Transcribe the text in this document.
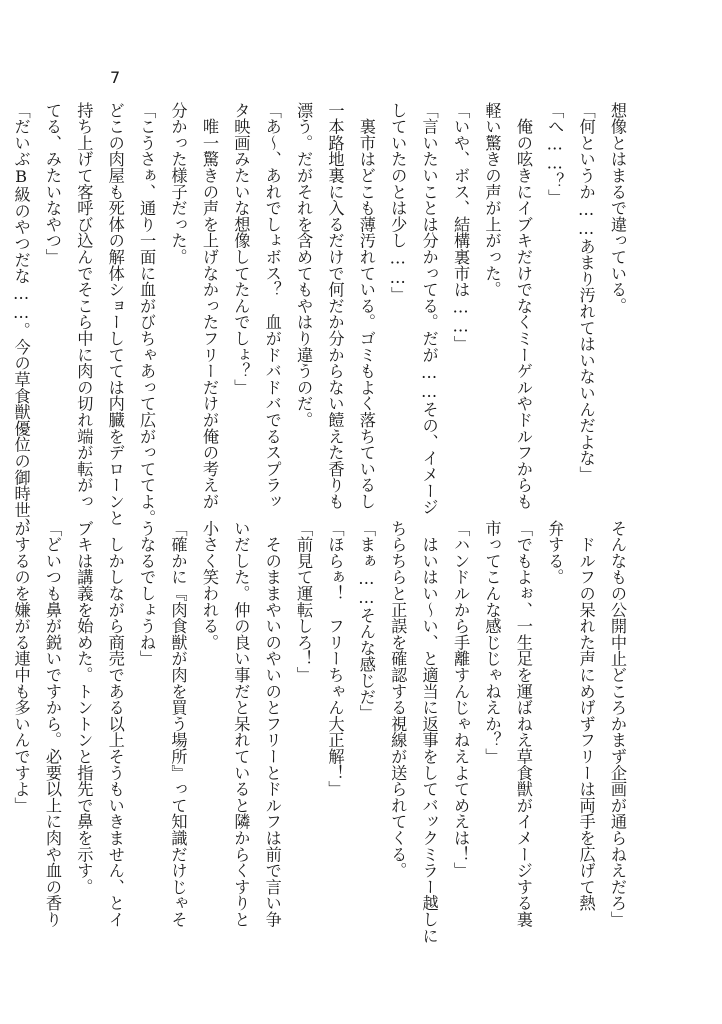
7
想像とはまるで違っている。
「何というか……あまり汚れてはいないんだよな」
「へ……？」
　俺の呟きにイブキだけでなくミーゲルやドルフからも
軽い驚きの声が上がった。
「いや、ボス、結構裏市は……」
「言いたいことは分かってる。だが……その、イメージ
していたのとは少し……」
　裏市はどこも薄汚れている。ゴミもよく落ちているし
一本路地裏に入るだけで何だか分からない饐えた香りも
漂う。だがそれを含めてもやはり違うのだ。
「あ〜、あれでしょボス？　血がドバドバでるスプラッ
タ映画みたいな想像してたんでしょ？」
　唯一驚きの声を上げなかったフリーだけが俺の考えが
分かった様子だった。
「こうさぁ、通り一面に血がびちゃあって広がっててよ。
どこの肉屋も死体の解体ショーしてては内臓をデローンと
持ち上げて客呼び込んでそこら中に肉の切れ端が転がっ
てる、みたいなやつ」
「だいぶB級のやつだな……。今の草食獣優位の御時世、
そんなもの公開中止どころかまず企画が通らねえだろ」
　ドルフの呆れた声にめげずフリーは両手を広げて熱
弁する。
「でもよぉ、一生足を運ばねえ草食獣がイメージする裏
市ってこんな感じじゃねえか？」
「ハンドルから手離すんじゃねえよてめえは！」
　はいはい〜い、と適当に返事をしてバックミラー越しに
ちらちらと正誤を確認する視線が送られてくる。
「まぁ……そんな感じだ」
「ほらぁ！　フリーちゃん大正解！」
「前見て運転しろ！」
　そのままやいのやいのとフリーとドルフは前で言い争
いだした。仲の良い事だと呆れていると隣からくすりと
小さく笑われる。
「確かに『肉食獣が肉を買う場所』って知識だけじゃそ
うなるでしょうね」
　しかしながら商売である以上そうもいきません、とイ
ブキは講義を始めた。トントンと指先で鼻を示す。
「どいつも鼻が鋭いですから。必要以上に肉や血の香り
がするのを嫌がる連中も多いんですよ」
